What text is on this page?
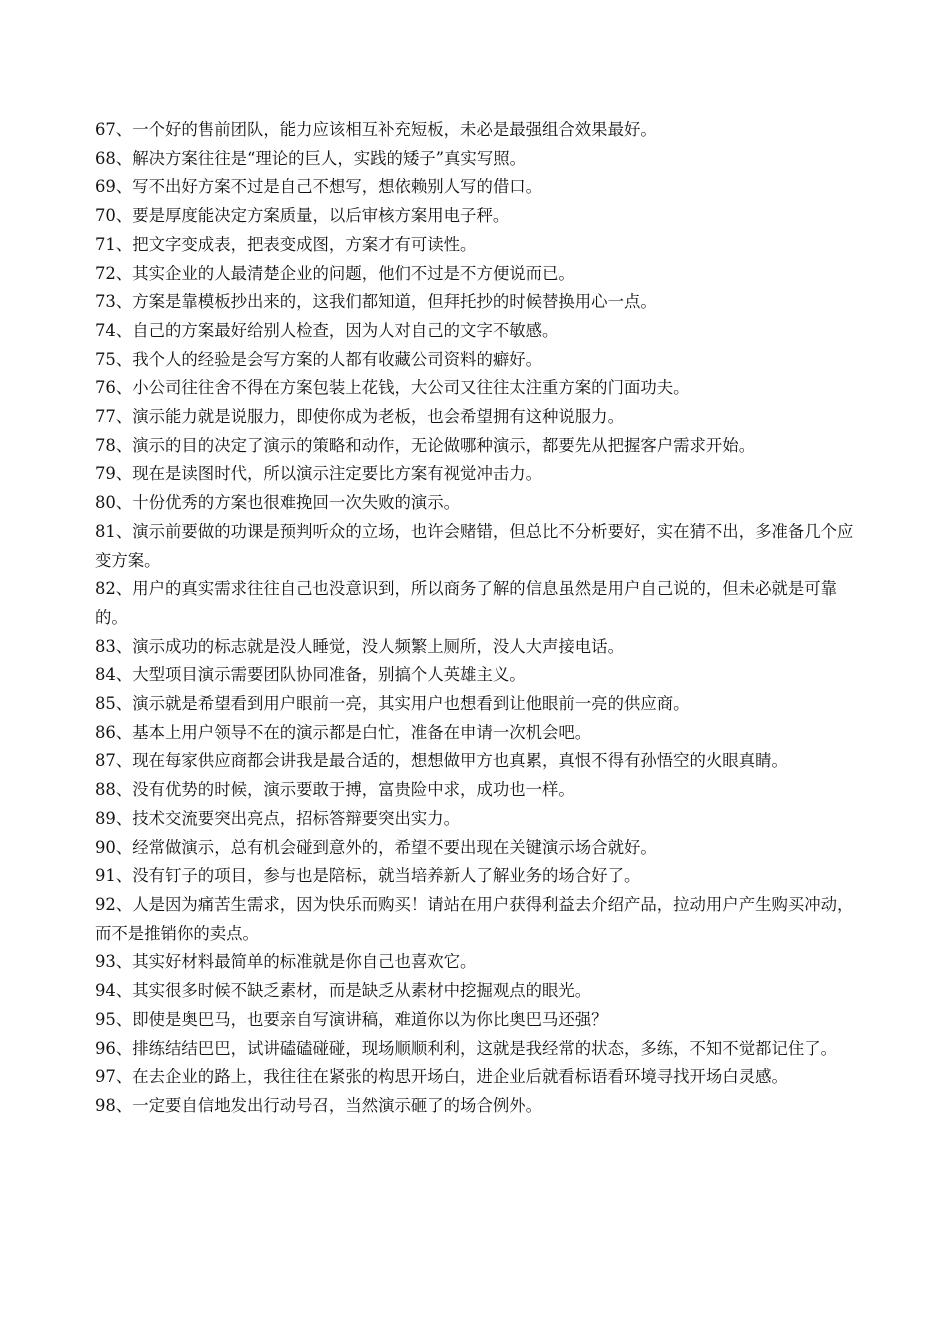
67、一个好的售前团队，能力应该相互补充短板，未必是最强组合效果最好。
68、解决方案往往是“理论的巨人，实践的矮子”真实写照。
69、写不出好方案不过是自己不想写，想依赖别人写的借口。
70、要是厚度能决定方案质量，以后审核方案用电子秤。
71、把文字变成表，把表变成图，方案才有可读性。
72、其实企业的人最清楚企业的问题，他们不过是不方便说而已。
73、方案是靠模板抄出来的，这我们都知道，但拜托抄的时候替换用心一点。
74、自己的方案最好给别人检查，因为人对自己的文字不敏感。
75、我个人的经验是会写方案的人都有收藏公司资料的癖好。
76、小公司往往舍不得在方案包装上花钱，大公司又往往太注重方案的门面功夫。
77、演示能力就是说服力，即使你成为老板，也会希望拥有这种说服力。
78、演示的目的决定了演示的策略和动作，无论做哪种演示，都要先从把握客户需求开始。
79、现在是读图时代，所以演示注定要比方案有视觉冲击力。
80、十份优秀的方案也很难挽回一次失败的演示。
81、演示前要做的功课是预判听众的立场，也许会赌错，但总比不分析要好，实在猜不出，多准备几个应变方案。
82、用户的真实需求往往自己也没意识到，所以商务了解的信息虽然是用户自己说的，但未必就是可靠的。
83、演示成功的标志就是没人睡觉，没人频繁上厕所，没人大声接电话。
84、大型项目演示需要团队协同准备，别搞个人英雄主义。
85、演示就是希望看到用户眼前一亮，其实用户也想看到让他眼前一亮的供应商。
86、基本上用户领导不在的演示都是白忙，准备在申请一次机会吧。
87、现在每家供应商都会讲我是最合适的，想想做甲方也真累，真恨不得有孙悟空的火眼真睛。
88、没有优势的时候，演示要敢于搏，富贵险中求，成功也一样。
89、技术交流要突出亮点，招标答辩要突出实力。
90、经常做演示，总有机会碰到意外的，希望不要出现在关键演示场合就好。
91、没有钉子的项目，参与也是陪标，就当培养新人了解业务的场合好了。
92、人是因为痛苦生需求，因为快乐而购买！请站在用户获得利益去介绍产品，拉动用户产生购买冲动，而不是推销你的卖点。
93、其实好材料最简单的标准就是你自己也喜欢它。
94、其实很多时候不缺乏素材，而是缺乏从素材中挖掘观点的眼光。
95、即使是奥巴马，也要亲自写演讲稿，难道你以为你比奥巴马还强？
96、排练结结巴巴，试讲磕磕碰碰，现场顺顺利利，这就是我经常的状态，多练，不知不觉都记住了。
97、在去企业的路上，我往往在紧张的构思开场白，进企业后就看标语看环境寻找开场白灵感。
98、一定要自信地发出行动号召，当然演示砸了的场合例外。
